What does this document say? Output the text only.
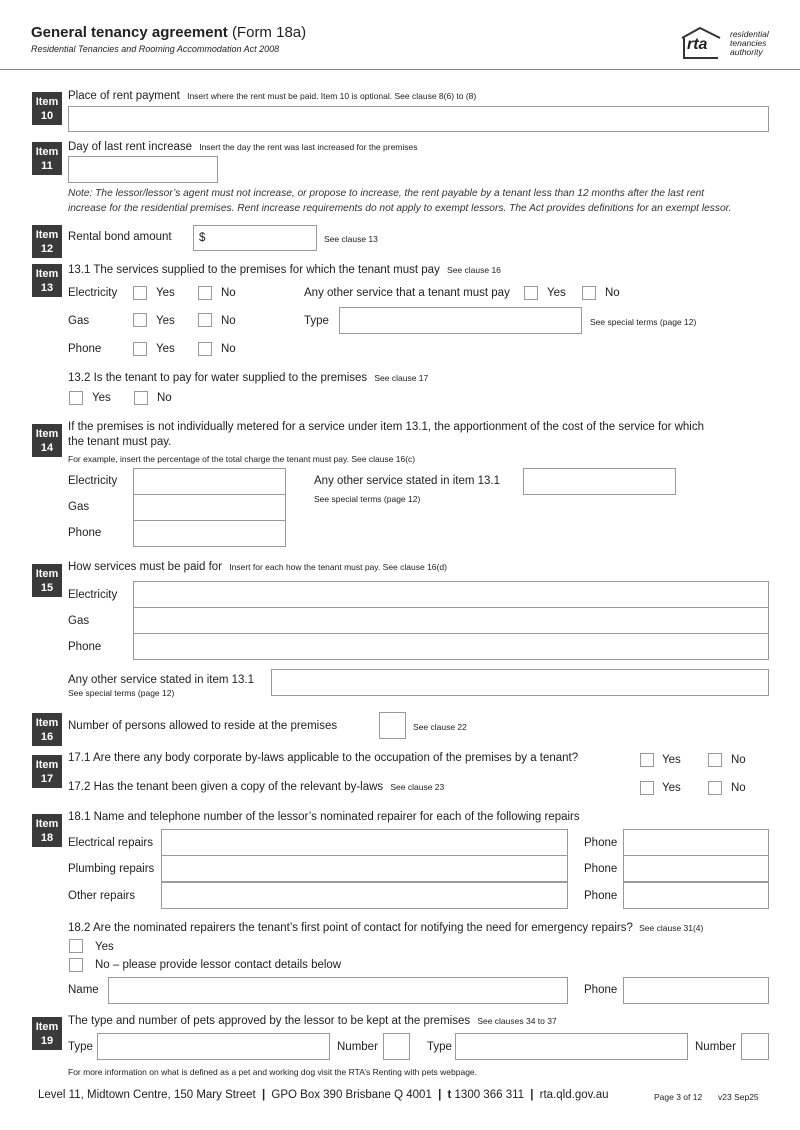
General tenancy agreement (Form 18a)
Residential Tenancies and Rooming Accommodation Act 2008	rta
residential
tenancies
authority
Item
10
Place of rent payment Insert where the rent must be paid. Item 10 is optional. See clause 8(6) to (8)
Item
11
Day of last rent increase Insert the day the rent was last increased for the premises
Note: The lessor/lessor’s agent must not increase, or propose to increase, the rent payable by a tenant less than 12 months after the last rent
increase for the residential premises. Rent increase requirements do not apply to exempt lessors. The Act provides definitions for an exempt lessor.
Item
12
Rental bond amount $	See clause 13
Item
13
13.1 The services supplied to the premises for which the tenant must pay See clause 16
Electricity	Yes	No	Any other service that a tenant must pay	Yes	No
Gas	Yes	No	Type	See special terms (page 12)
Phone	Yes	No
13.2 Is the tenant to pay for water supplied to the premises See clause 17
Yes	No
Item
14
If the premises is not individually metered for a service under item 13.1, the apportionment of the cost of the service for which
the tenant must pay.
For example, insert the percentage of the total charge the tenant must pay. See clause 16(c)
Electricity
Gas
Phone
Any other service stated in item 13.1
See special terms (page 12)
Item
15
How services must be paid for Insert for each how the tenant must pay. See clause 16(d)
Electricity
Gas
Phone
Any other service stated in item 13.1
See special terms (page 12)
Item
16
Number of persons allowed to reside at the premises	See clause 22
Item
17
17.1 Are there any body corporate by-laws applicable to the occupation of the premises by a tenant?	Yes	No
17.2 Has the tenant been given a copy of the relevant by-laws See clause 23	Yes	No
Item
18
18.1 Name and telephone number of the lessor’s nominated repairer for each of the following repairs
Electrical repairs	Phone
Plumbing repairs	Phone
Other repairs	Phone
18.2 Are the nominated repairers the tenant’s first point of contact for notifying the need for emergency repairs? See clause 31(4)
Yes
No – please provide lessor contact details below
Name	Phone
Item
19
The type and number of pets approved by the lessor to be kept at the premises See clauses 34 to 37
Type	Number	Type	Number
For more information on what is defined as a pet and working dog visit the RTA’s Renting with pets webpage.
Level 11, Midtown Centre, 150 Mary Street | GPO Box 390 Brisbane Q 4001 | t 1300 366 311 | rta.qld.gov.au	Page 3 of 12 v23 Sep25
